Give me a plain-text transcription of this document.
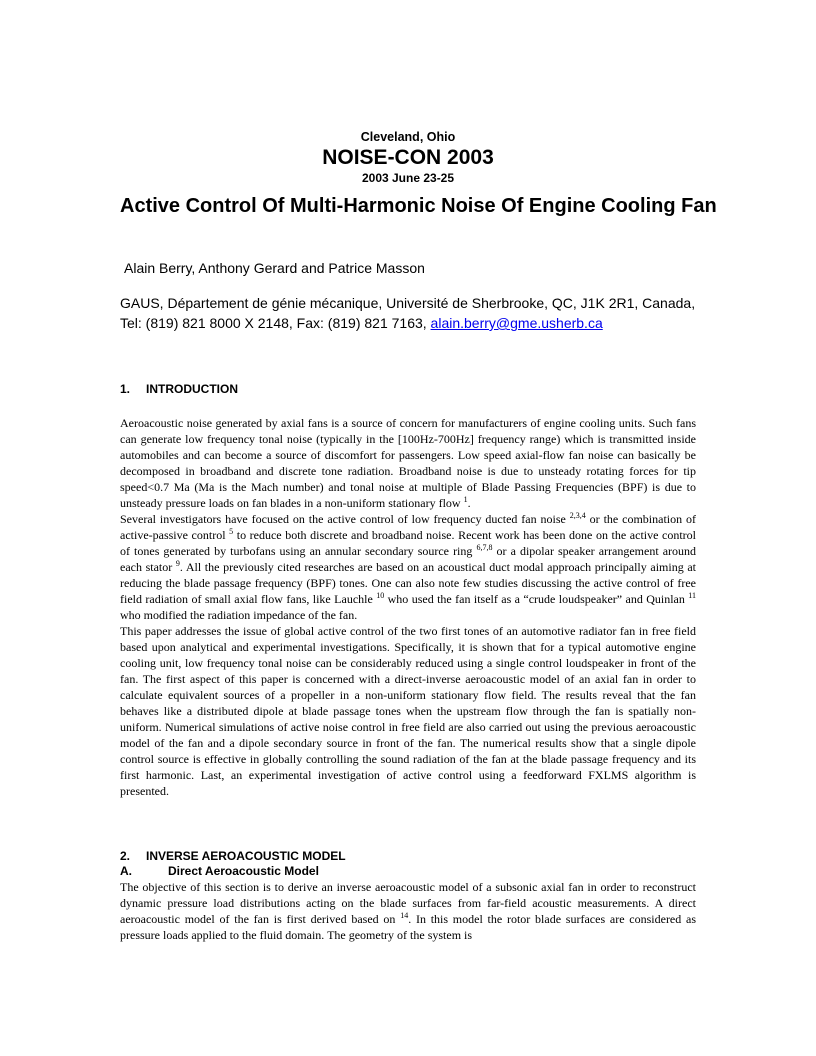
Cleveland, Ohio
NOISE-CON 2003
2003 June 23-25
Active Control Of Multi-Harmonic Noise Of Engine Cooling Fan
Alain Berry, Anthony Gerard and Patrice Masson
GAUS, Département de génie mécanique, Université de Sherbrooke, QC, J1K 2R1, Canada, Tel: (819) 821 8000 X 2148, Fax: (819) 821 7163, alain.berry@gme.usherb.ca
1. INTRODUCTION

Aeroacoustic noise generated by axial fans is a source of concern for manufacturers of engine cooling units. Such fans can generate low frequency tonal noise (typically in the [100Hz-700Hz] frequency range) which is transmitted inside automobiles and can become a source of discomfort for passengers. Low speed axial-flow fan noise can basically be decomposed in broadband and discrete tone radiation. Broadband noise is due to unsteady rotating forces for tip speed<0.7 Ma (Ma is the Mach number) and tonal noise at multiple of Blade Passing Frequencies (BPF) is due to unsteady pressure loads on fan blades in a non-uniform stationary flow $^1$.

Several investigators have focused on the active control of low frequency ducted fan noise $^{2,3,4}$ or the combination of active-passive control $^5$ to reduce both discrete and broadband noise. Recent work has been done on the active control of tones generated by turbofans using an annular secondary source ring $^{6,7,8}$ or a dipolar speaker arrangement around each stator $^9$. All the previously cited researches are based on an acoustical duct modal approach principally aiming at reducing the blade passage frequency (BPF) tones. One can also note few studies discussing the active control of free field radiation of small axial flow fans, like Lauchle $^{10}$ who used the fan itself as a “crude loudspeaker” and Quinlan $^{11}$ who modified the radiation impedance of the fan.

This paper addresses the issue of global active control of the two first tones of an automotive radiator fan in free field based upon analytical and experimental investigations. Specifically, it is shown that for a typical automotive engine cooling unit, low frequency tonal noise can be considerably reduced using a single control loudspeaker in front of the fan. The first aspect of this paper is concerned with a direct-inverse aeroacoustic model of an axial fan in order to calculate equivalent sources of a propeller in a non-uniform stationary flow field. The results reveal that the fan behaves like a distributed dipole at blade passage tones when the upstream flow through the fan is spatially non-uniform. Numerical simulations of active noise control in free field are also carried out using the previous aeroacoustic model of the fan and a dipole secondary source in front of the fan. The numerical results show that a single dipole control source is effective in globally controlling the sound radiation of the fan at the blade passage frequency and its first harmonic. Last, an experimental investigation of active control using a feedforward FXLMS algorithm is presented.

2. INVERSE AEROACOUSTIC MODEL
A.	Direct Aeroacoustic Model

The objective of this section is to derive an inverse aeroacoustic model of a subsonic axial fan in order to reconstruct dynamic pressure load distributions acting on the blade surfaces from far-field acoustic measurements. A direct aeroacoustic model of the fan is first derived based on $^{14}$. In this model the rotor blade surfaces are considered as pressure loads applied to the fluid domain. The geometry of the system is
